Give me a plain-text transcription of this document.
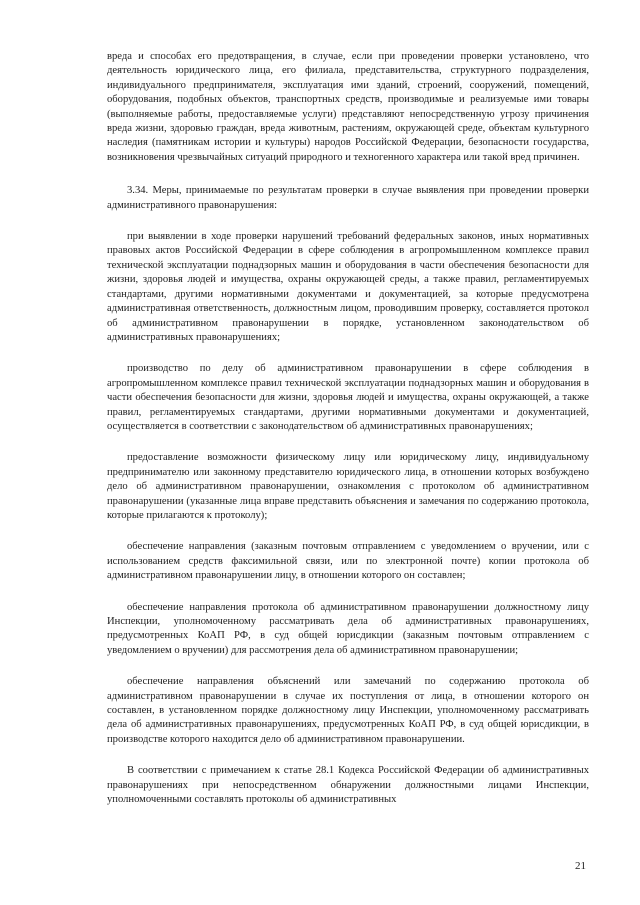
вреда и способах его предотвращения, в случае, если при проведении проверки установлено, что деятельность юридического лица, его филиала, представительства, структурного подразделения, индивидуального предпринимателя, эксплуатация ими зданий, строений, сооружений, помещений, оборудования, подобных объектов, транспортных средств, производимые и реализуемые ими товары (выполняемые работы, предоставляемые услуги) представляют непосредственную угрозу причинения вреда жизни, здоровью граждан, вреда животным, растениям, окружающей среде, объектам культурного наследия (памятникам истории и культуры) народов Российской Федерации, безопасности государства, возникновения чрезвычайных ситуаций природного и техногенного характера или такой вред причинен.

3.34. Меры, принимаемые по результатам проверки в случае выявления при проведении проверки административного правонарушения:

при выявлении в ходе проверки нарушений требований федеральных законов, иных нормативных правовых актов Российской Федерации в сфере соблюдения в агропромышленном комплексе правил технической эксплуатации поднадзорных машин и оборудования в части обеспечения безопасности для жизни, здоровья людей и имущества, охраны окружающей среды, а также правил, регламентируемых стандартами, другими нормативными документами и документацией, за которые предусмотрена административная ответственность, должностным лицом, проводившим проверку, составляется протокол об административном правонарушении в порядке, установленном законодательством об административных правонарушениях;

производство по делу об административном правонарушении в сфере соблюдения в агропромышленном комплексе правил технической эксплуатации поднадзорных машин и оборудования в части обеспечения безопасности для жизни, здоровья людей и имущества, охраны окружающей, а также правил, регламентируемых стандартами, другими нормативными документами и документацией, осуществляется в соответствии с законодательством об административных правонарушениях;

предоставление возможности физическому лицу или юридическому лицу, индивидуальному предпринимателю или законному представителю юридического лица, в отношении которых возбуждено дело об административном правонарушении, ознакомления с протоколом об административном правонарушении (указанные лица вправе представить объяснения и замечания по содержанию протокола, которые прилагаются к протоколу);

обеспечение направления (заказным почтовым отправлением с уведомлением о вручении, или с использованием средств факсимильной связи, или по электронной почте) копии протокола об административном правонарушении лицу, в отношении которого он составлен;

обеспечение направления протокола об административном правонарушении должностному лицу Инспекции, уполномоченному рассматривать дела об административных правонарушениях, предусмотренных КоАП РФ, в суд общей юрисдикции (заказным почтовым отправлением с уведомлением о вручении) для рассмотрения дела об административном правонарушении;

обеспечение направления объяснений или замечаний по содержанию протокола об административном правонарушении в случае их поступления от лица, в отношении которого он составлен, в установленном порядке должностному лицу Инспекции, уполномоченному рассматривать дела об административных правонарушениях, предусмотренных КоАП РФ, в суд общей юрисдикции, в производстве которого находится дело об административном правонарушении.

В соответствии с примечанием к статье 28.1 Кодекса Российской Федерации об административных правонарушениях при непосредственном обнаружении должностными лицами Инспекции, уполномоченными составлять протоколы об административных

21
